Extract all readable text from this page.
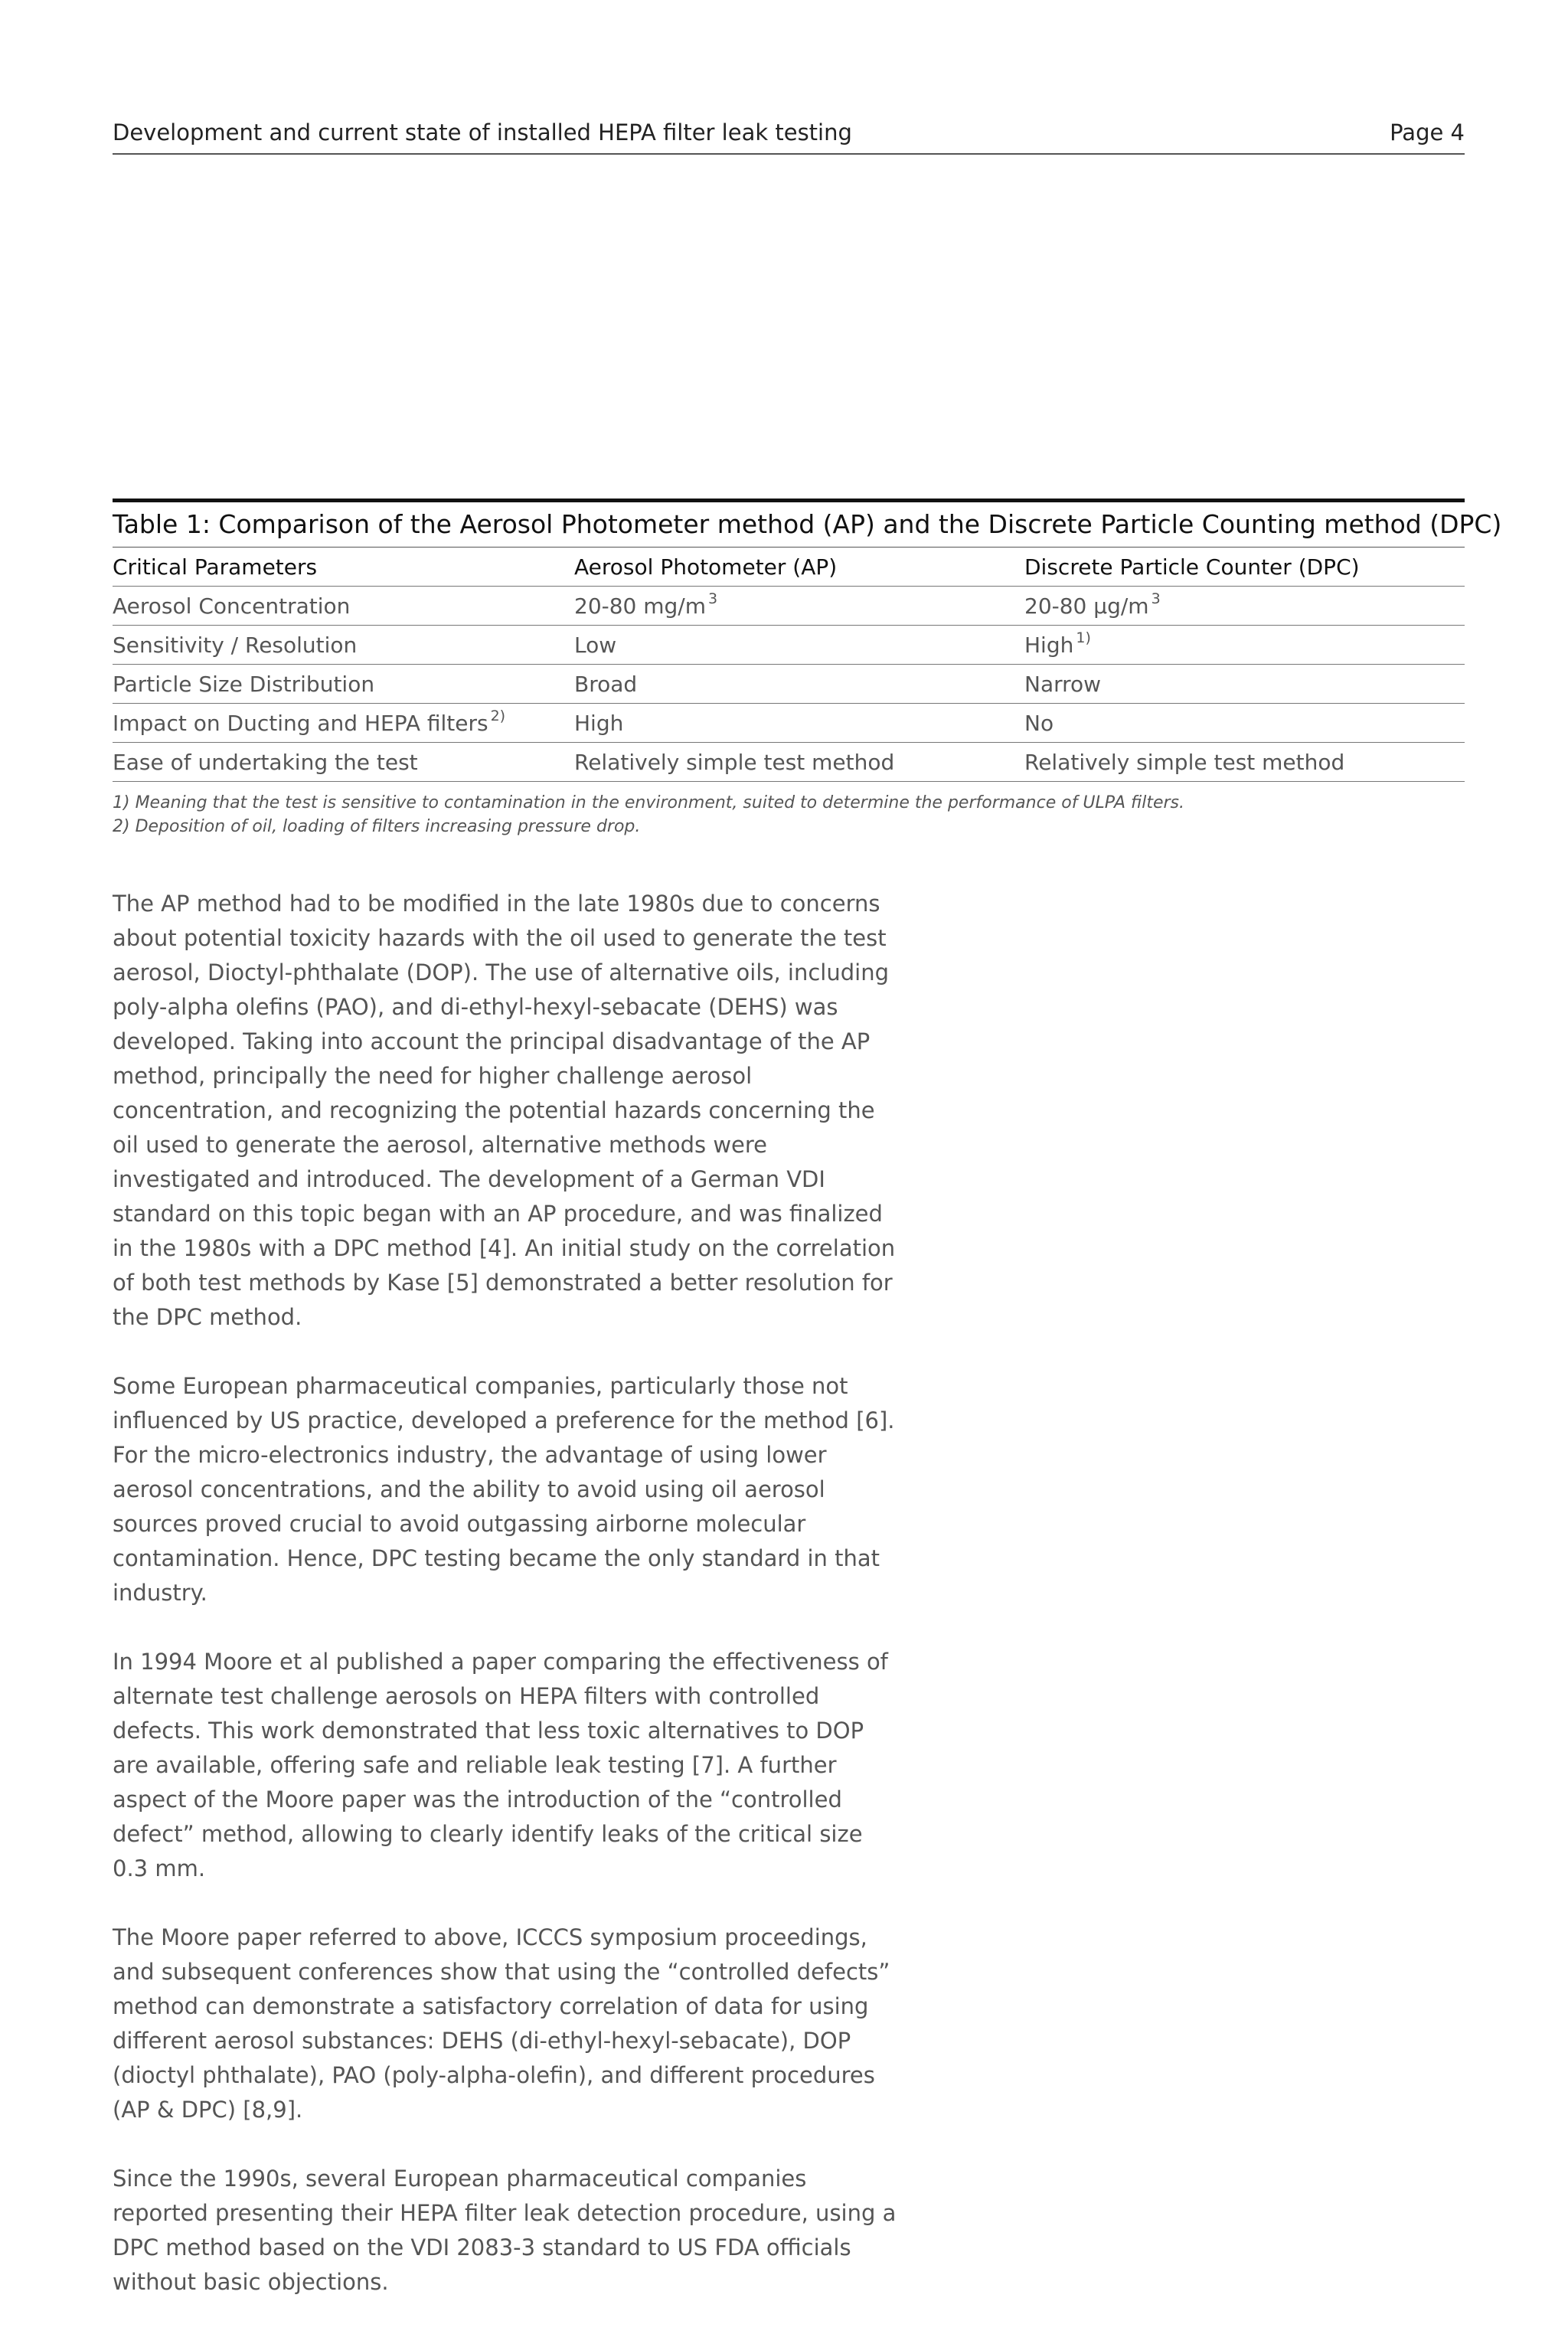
Development and current state of installed HEPA filter leak testing	Page 4
Table 1: Comparison of the Aerosol Photometer method (AP) and the Discrete Particle Counting method (DPC)
Critical Parameters	Aerosol Photometer (AP)	Discrete Particle Counter (DPC)
Aerosol Concentration	20-80 mg/m $^3$	20-80 µg/m $^3$
Sensitivity / Resolution	Low	High $^{1)}$
Particle Size Distribution	Broad	Narrow
Impact on Ducting and HEPA filters $^{2)}$	High	No
Ease of undertaking the test	Relatively simple test method	Relatively simple test method
1) Meaning that the test is sensitive to contamination in the environment, suited to determine the performance of ULPA filters.
2) Deposition of oil, loading of filters increasing pressure drop.

The AP method had to be modified in the late 1980s due to concerns about potential toxicity hazards with the oil used to generate the test aerosol, Dioctyl-phthalate (DOP). The use of alternative oils, including poly-alpha olefins (PAO), and di-ethyl-hexyl-sebacate (DEHS) was developed. Taking into account the principal disadvantage of the AP method, principally the need for higher challenge aerosol concentration, and recognizing the potential hazards concerning the oil used to generate the aerosol, alternative methods were investigated and introduced. The development of a German VDI standard on this topic began with an AP procedure, and was finalized in the 1980s with a DPC method [4]. An initial study on the correlation of both test methods by Kase [5] demonstrated a better resolution for the DPC method.

Some European pharmaceutical companies, particularly those not influenced by US practice, developed a preference for the method [6]. For the micro-electronics industry, the advantage of using lower aerosol concentrations, and the ability to avoid using oil aerosol sources proved crucial to avoid outgassing airborne molecular contamination. Hence, DPC testing became the only standard in that industry.

In 1994 Moore et al published a paper comparing the effectiveness of alternate test challenge aerosols on HEPA filters with controlled defects. This work demonstrated that less toxic alternatives to DOP are available, offering safe and reliable leak testing [7]. A further aspect of the Moore paper was the introduction of the “controlled defect” method, allowing to clearly identify leaks of the critical size 0.3 mm.

The Moore paper referred to above, ICCCS symposium proceedings, and subsequent conferences show that using the “controlled defects” method can demonstrate a satisfactory correlation of data for using different aerosol substances: DEHS (di-ethyl-hexyl-sebacate), DOP (dioctyl phthalate), PAO (poly-alpha-olefin), and different procedures (AP & DPC) [8,9].

Since the 1990s, several European pharmaceutical companies reported presenting their HEPA filter leak detection procedure, using a DPC method based on the VDI 2083-3 standard to US FDA officials without basic objections.
